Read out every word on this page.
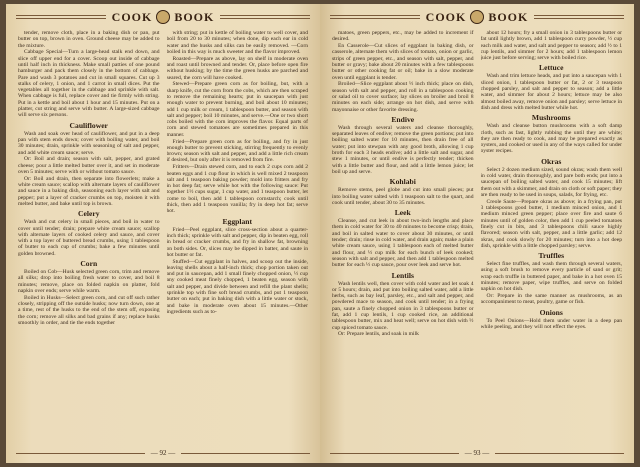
COOK BOOK

tender, remove cloth, place in a baking dish or pan, put butter on top, brown in oven. Ground cheese may be added to the mixture.

Cabbage Special—Turn a large-head stalk end down, and slice off upper end for a cover. Scoop out inside of cabbage until half inch in thickness. Make small patties of one pound hamburger and pack them closely in the bottom of cabbage. Pare and wash 3 potatoes and cut in small squares. Cut up 3 stalks of celery, 1 onion, and 1 carrot in small dices. Put the vegetables all together in the cabbage and sprinkle with salt. When cabbage is full, replace cover and tie firmly with string. Put in a kettle and boil about 1 hour and 15 minutes. Put on a platter, cut string and serve with butter. A large-sized cabbage will serve six persons.

Cauliflower

Wash and soak over head of cauliflower, and put in a deep pan with stem ends down; cover with boiling water, and boil 30 minutes; drain, sprinkle with seasoning of salt and pepper, and add white cream sauce; serve.

Or: Boil and drain; season with salt, pepper, and grated cheese; pour a little melted butter over it, and set in moderate oven 5 minutes; serve with or without tomato sauce.

Or: Boil and drain, then separate into flowerlets; make a white cream sauce; scallop with alternate layers of cauliflower and sauce in a baking dish, seasoning each layer with salt and pepper; put a layer of cracker crumbs on top, moisten it with melted butter, and bake until top is brown.

Celery

Wash and cut celery in small pieces, and boil in water to cover until tender; drain; prepare white cream sauce; scallop with alternate layers of cooked celery and sauce, and cover with a top layer of buttered bread crumbs, using 1 tablespoon of butter to each cup of crumbs; bake a few minutes until golden browned.

Corn

Boiled on Cob—Husk selected green corn, trim and remove all silks; drop into boiling fresh water to cover, and boil 8 minutes; remove, place on folded napkin on platter, fold napkin over ends; serve while warm.

Boiled in Husks—Select green corn, and cut off such rather closely, stripping off the outside husks; now turn down, one at a time, rest of the husks to the end of the stem off, exposing the corn; remove all silks and bad grains if any; replace husks smoothly in order, and tie the ends together

with string; put in kettle of boiling water to well cover, and boil from 20 to 30 minutes; when done, dip each ear in cold water and the husks and silks can be easily removed. —Corn boiled in this way is much sweeter and the flavor improved.

Roasted—Prepare as above, lay on shelf in moderate oven and roast until browned and tender. Or, place before open fire without husking; by the time the green husks are parched and seared, the corn will have cooked.

Stewed—Prepare green corn as for boiling, but, with a sharp knife, cut the corn from the cobs, which are then scraped to remove the remaining hearts; put in saucepan with just enough water to prevent burning, and boil about 10 minutes; add 1 cup milk or cream, 1 tablespoon butter, and season with salt and pepper; boil 10 minutes, and serve.—One or two short cobs boiled with the corn improves the flavor. Equal parts of corn and stewed tomatoes are sometimes prepared in this manner.

Fried—Prepare green corn as for boiling, and fry in just enough butter to prevent sticking, stirring frequently to evenly brown; season with salt and pepper, and add a little rich cream if desired, but only after it is removed from fire.

Fritters—Drain stewed corn, and to each 2 cups corn add 2 beaten eggs and 1 cup flour in which is well mixed 2 teaspoon salt and 1 teaspoon baking powder; mold into fritters and fry in hot deep fat; serve while hot with the following sauce: Put together 1½ cups sugar, 1 cup water, and 1 teaspoon butter, let come to boil, then add 1 tablespoon cornstarch; cook until thick, then add 1 teaspoon vanilla; fry in deep hot fat; serve hot.

Eggplant

Fried—Peel eggplant, slice cross-section about a quarter-inch thick; sprinkle with salt and pepper, dip in beaten egg, roll in bread or cracker crumbs, and fry in shallow fat, browning on both sides. Or, slices may be dipped in batter, and saute in hot butter or fat.

Stuffed—Cut eggplant in halves, and scoop out the inside, leaving shells about a half-inch thick; chop portion taken out and put in saucepan, add 1 small finely chopped onion, ½ cup any cooked meat finely chopped, 1 beaten egg, season with salt and pepper, and divide between and refill the plant shells; sprinkle top with fine soft bread crumbs, and put 1 teaspoon butter on each; put in baking dish with a little water or stock, and bake in moderate oven about 15 minutes.—Other ingredients such as to-

— 92 —
COOK BOOK

matoes, green peppers, etc., may be added to increment if desired.

En Casserole—Cut slices of eggplant in baking dish, or casserole, alternate them with slices of tomato, onion or garlic, strips of green pepper, etc., and season with salt, pepper, and butter or gravy; bake about 20 minutes with a few tablespoons butter or other cooking fat or oil; bake in a slow moderate oven until eggplant is tender.

Broiled—Slice eggplant about ½ inch thick; place on dish, season with salt and pepper, and roll in a tablespoon cooking or salad oil to cover surface; lay slices on broiler and broil 8 minutes on each side; arrange on hot dish, and serve with mayonnaise or other favorite dressing.

Endive

Wash through several waters and cleanse thoroughly, separated leaves of endive; remove the green portions; put into boiling salted water for 10 minutes, then drain free of all water; put into stewpan with any good broth, allowing 1 cup broth for each 3 heads endive; add a little salt and sugar, and stew 1 minutes, or until endive is perfectly tender; thicken with a little butter and flour, and add a little lemon juice; let boil up and serve.

Kohlabi

Remove stems, peel globe and cut into small pieces; put into boiling water salted with 1 teaspoon salt to the quart, and cook until tender, about 30 to 35 minutes.

Leek

Cleanse, and cut leek in about two-inch lengths and place them in cold water for 30 to 40 minutes to become crisp; drain, and boil in salted water to cover about 30 minutes, or until tender; drain; rinse in cold water, and drain again; make a plain white cream sauce, using 1 tablespoon each of melted butter and flour, and ½ cup milk for each bunch of leek cooked; season with salt and pepper, and then add 1 tablespoon melted butter for each ½ cup sauce, pour over leek and serve hot.

Lentils

Wash lentils well, then cover with cold water and let soak 4 or 5 hours; drain, and put into boiling salted water, add a little herbs, such as bay leaf, parsley, etc., and salt and pepper, and powdered mace to season, and cook until tender; in a frying pan, saute a finely chopped onion in 3 tablespoons butter or fat, add 1 cup lentils, 1 cup cooked rice, an additional tablespoon butter, mix and heat well; serve on hot dish with ½ cup spiced tomato sauce.

Or: Prepare lentils, and soak in milk

about 12 hours; fry a small onion in 3 tablespoons butter or fat until lightly brown, add 1 tablespoon curry powder, ½ cup each milk and water, and salt and pepper to season; add ½ to 1 cup lentils, and simmer for 2 hours; add 1 tablespoon lemon juice just before serving; serve with boiled rice.

Lettuce

Wash and trim lettuce heads, and put into a saucepan with 1 sliced onion, 1 tablespoon butter or fat, 2 or 3 teaspoon chopped parsley, and salt and pepper to season; add a little water, and simmer for about 2 hours; lettuce may be also almost boiled away, remove onion and parsley; serve lettuce in dish and dress with melted butter while hot.

Mushrooms

Wash and cleanse button mushrooms with a soft damp cloth, such as fast, lightly rubbing the until they are white; they are then ready to cook, and may be prepared exactly as oysters, and cooked or used in any of the ways called for under oyster recipes.

Okras

Select 2 dozen medium sized, sound okras; wash them well in cold water, drain thoroughly, and pare both ends; put into a saucepan of boiling salted water, and cook 15 minutes; lift them out with a skimmer, and drain on cloth or soft paper; they are then ready to be used in soups, salads, for frying, etc.

Creole Saute—Prepare okras as above; in a frying pan, put 3 tablespoons good butter, 1 medium minced onion, and 1 medium minced green pepper; place over fire and saute 6 minutes until of golden color, then add 1 cup peeled tomatoes finely cut in bits, and 3 tablespoons chili sauce highly flavored; season with salt, pepper, and a little garlic; add 12 okras, and cook slowly for 20 minutes; turn into a hot deep dish, sprinkle with a little chopped parsley; serve.

Truffles

Select fine truffles, and wash them through several waters, using a soft brush to remove every particle of sand or grit; wrap each truffle in buttered paper, and bake in a hot oven 15 minutes; remove paper, wipe truffles, and serve on folded napkin on hot dish.

Or: Prepare in the same manner as mushrooms, as an accompaniment to meat, poultry, game or fish.

Onions

To Peel Onions—Hold them under water in a deep pan while peeling, and they will not effect the eyes.

— 93 —
